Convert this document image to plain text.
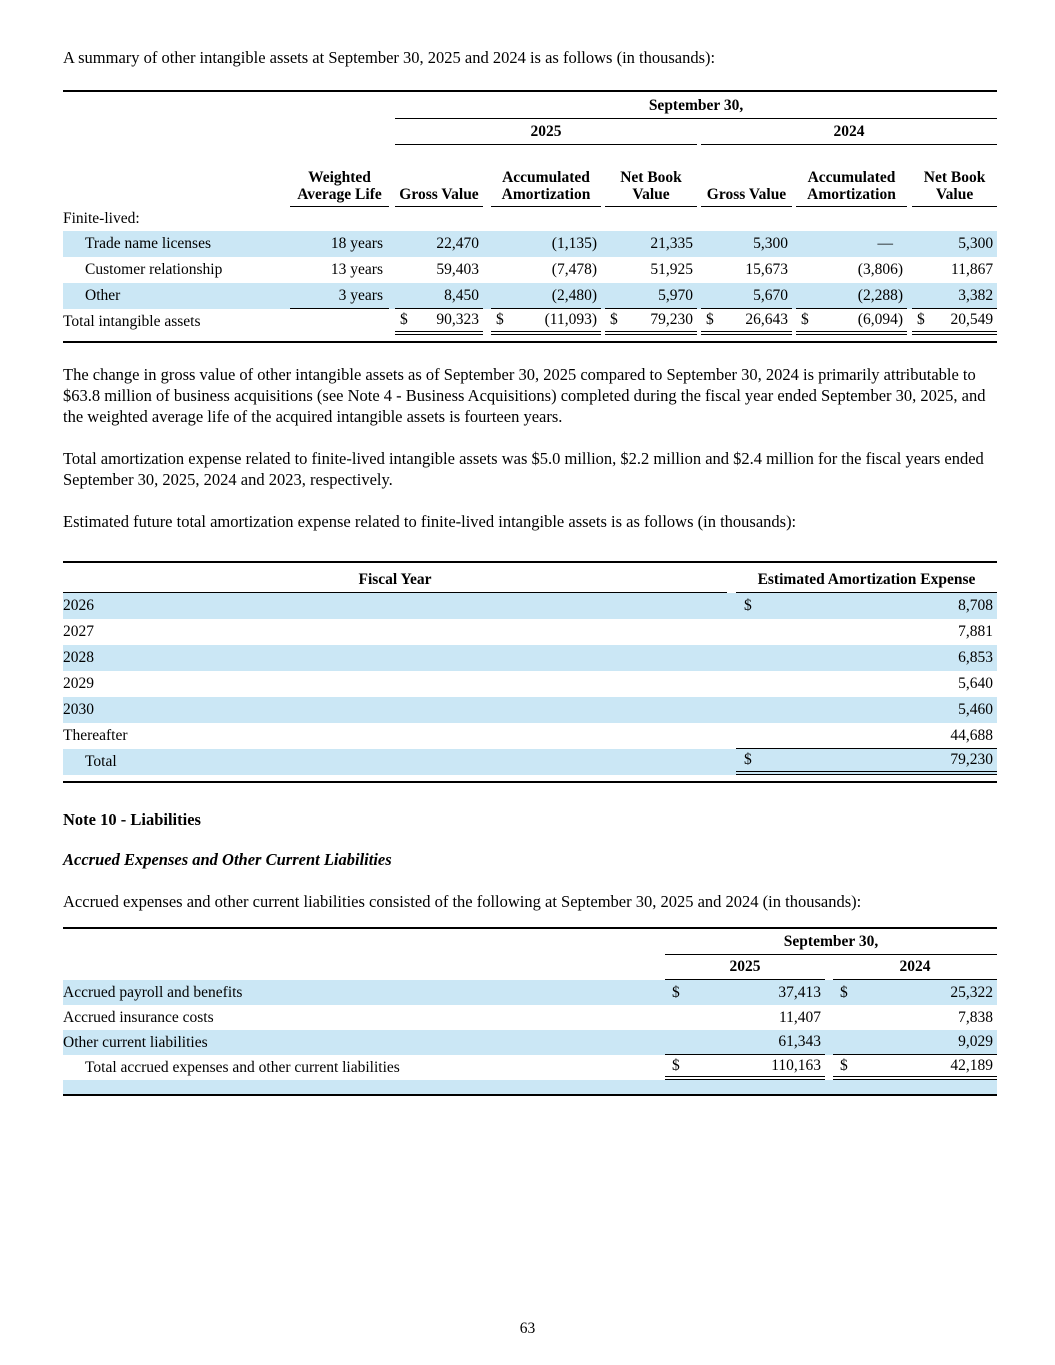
A summary of other intangible assets at September 30, 2025 and 2024 is as follows (in thousands):

			September 30,										
			2025						2024				
	Weighted Average Life		Gross Value		Accumulated Amortization		Net Book Value		Gross Value		Accumulated Amortization		Net Book Value
Finite-lived:													
Trade name licenses	18 years		22,470		(1,135)		21,335		5,300		—		5,300
Customer relationship	13 years		59,403		(7,478)		51,925		15,673		(3,806)		11,867
Other	3 years		8,450		(2,480)		5,970		5,670		(2,288)		3,382
Total intangible assets			$ 90,323		$ (11,093)		$ 79,230		$ 26,643		$ (6,094)		$ 20,549

The change in gross value of other intangible assets as of September 30, 2025 compared to September 30, 2024 is primarily attributable to $63.8 million of business acquisitions (see Note 4 - Business Acquisitions) completed during the fiscal year ended September 30, 2025, and the weighted average life of the acquired intangible assets is fourteen years.

Total amortization expense related to finite-lived intangible assets was $5.0 million, $2.2 million and $2.4 million for the fiscal years ended September 30, 2025, 2024 and 2023, respectively.

Estimated future total amortization expense related to finite-lived intangible assets is as follows (in thousands):

Fiscal Year		Estimated Amortization Expense
2026		$ 8,708
2027		7,881
2028		6,853
2029		5,640
2030		5,460
Thereafter		44,688
Total		$ 79,230

Note 10 - Liabilities

Accrued Expenses and Other Current Liabilities

Accrued expenses and other current liabilities consisted of the following at September 30, 2025 and 2024 (in thousands):

	September 30,		
	2025		2024
Accrued payroll and benefits	$ 37,413		$ 25,322
Accrued insurance costs	11,407		7,838
Other current liabilities	61,343		9,029
Total accrued expenses and other current liabilities	$ 110,163		$ 42,189

63
